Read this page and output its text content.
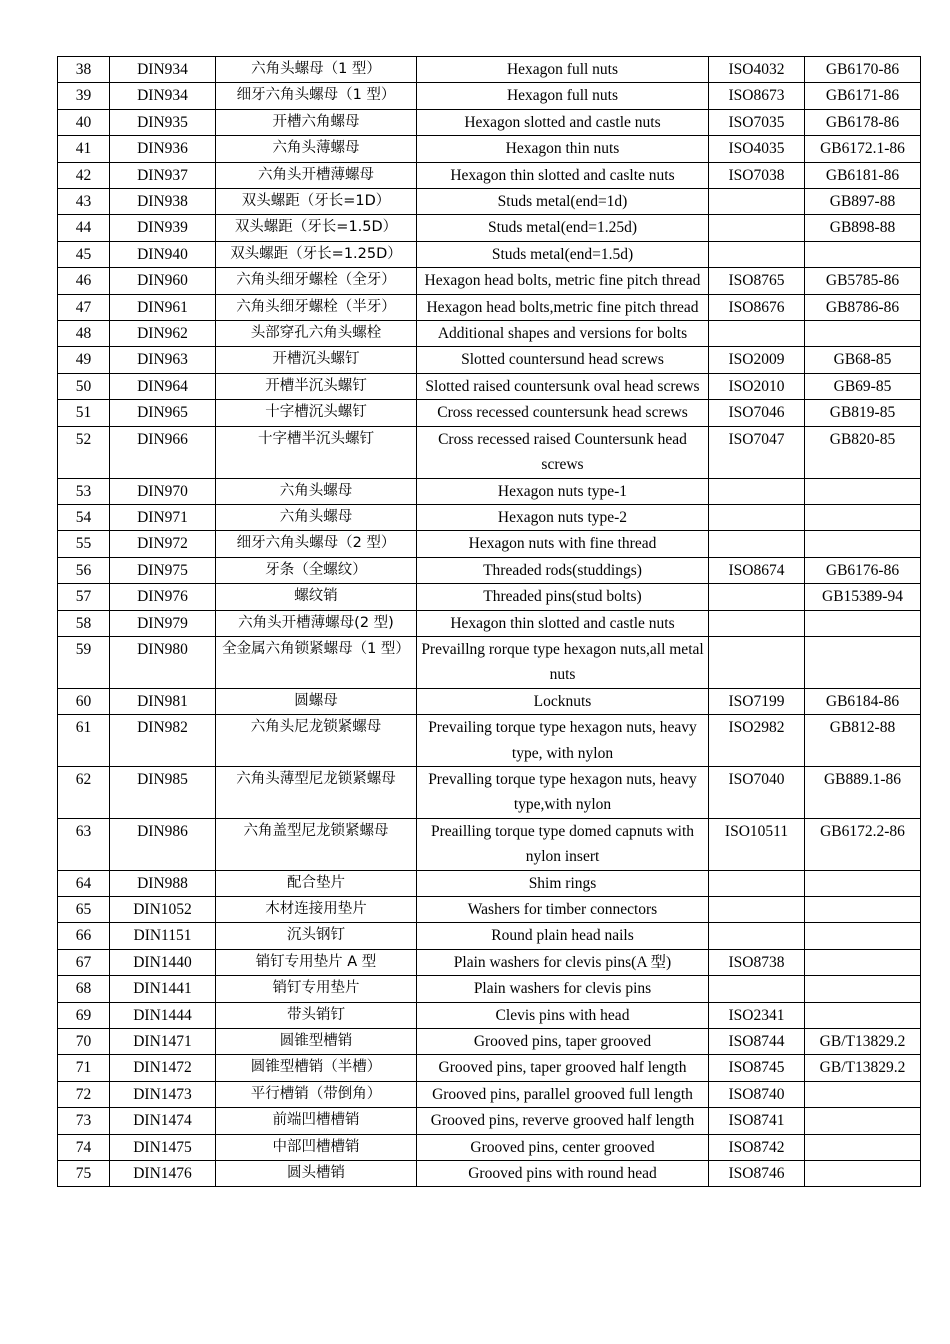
38	DIN934	六角头螺母（1 型）	Hexagon full nuts	ISO4032	GB6170-86
39	DIN934	细牙六角头螺母（1 型）	Hexagon full nuts	ISO8673	GB6171-86
40	DIN935	开槽六角螺母	Hexagon slotted and castle nuts	ISO7035	GB6178-86
41	DIN936	六角头薄螺母	Hexagon thin nuts	ISO4035	GB6172.1-86
42	DIN937	六角头开槽薄螺母	Hexagon thin slotted and caslte nuts	ISO7038	GB6181-86
43	DIN938	双头螺距（牙长=1D）	Studs metal(end=1d)		GB897-88
44	DIN939	双头螺距（牙长=1.5D）	Studs metal(end=1.25d)		GB898-88
45	DIN940	双头螺距（牙长=1.25D）	Studs metal(end=1.5d)		
46	DIN960	六角头细牙螺栓（全牙）	Hexagon head bolts, metric fine pitch thread	ISO8765	GB5785-86
47	DIN961	六角头细牙螺栓（半牙）	Hexagon head bolts,metric fine pitch thread	ISO8676	GB8786-86
48	DIN962	头部穿孔六角头螺栓	Additional shapes and versions for bolts		
49	DIN963	开槽沉头螺钉	Slotted countersund head screws	ISO2009	GB68-85
50	DIN964	开槽半沉头螺钉	Slotted raised countersunk oval head screws	ISO2010	GB69-85
51	DIN965	十字槽沉头螺钉	Cross recessed countersunk head screws	ISO7046	GB819-85
52	DIN966	十字槽半沉头螺钉	Cross recessed raised Countersunk head screws	ISO7047	GB820-85
53	DIN970	六角头螺母	Hexagon nuts type-1		
54	DIN971	六角头螺母	Hexagon nuts type-2		
55	DIN972	细牙六角头螺母（2 型）	Hexagon nuts with fine thread		
56	DIN975	牙条（全螺纹）	Threaded rods(studdings)	ISO8674	GB6176-86
57	DIN976	螺纹销	Threaded pins(stud bolts)		GB15389-94
58	DIN979	六角头开槽薄螺母(2 型)	Hexagon thin slotted and castle nuts		
59	DIN980	全金属六角锁紧螺母（1 型）	Prevaillng rorque type hexagon nuts,all metal nuts		
60	DIN981	圆螺母	Locknuts	ISO7199	GB6184-86
61	DIN982	六角头尼龙锁紧螺母	Prevailing torque type hexagon nuts, heavy type, with nylon	ISO2982	GB812-88
62	DIN985	六角头薄型尼龙锁紧螺母	Prevalling torque type hexagon nuts, heavy type,with nylon	ISO7040	GB889.1-86
63	DIN986	六角盖型尼龙锁紧螺母	Preailling torque type domed capnuts with nylon insert	ISO10511	GB6172.2-86
64	DIN988	配合垫片	Shim rings		
65	DIN1052	木材连接用垫片	Washers for timber connectors		
66	DIN1151	沉头钢钉	Round plain head nails		
67	DIN1440	销钉专用垫片 A 型	Plain washers for clevis pins(A 型)	ISO8738	
68	DIN1441	销钉专用垫片	Plain washers for clevis pins		
69	DIN1444	带头销钉	Clevis pins with head	ISO2341	
70	DIN1471	圆锥型槽销	Grooved pins, taper grooved	ISO8744	GB/T13829.2
71	DIN1472	圆锥型槽销（半槽）	Grooved pins, taper grooved half length	ISO8745	GB/T13829.2
72	DIN1473	平行槽销（带倒角）	Grooved pins, parallel grooved full length	ISO8740	
73	DIN1474	前端凹槽槽销	Grooved pins, reverve grooved half length	ISO8741	
74	DIN1475	中部凹槽槽销	Grooved pins, center grooved	ISO8742	
75	DIN1476	圆头槽销	Grooved pins with round head	ISO8746	
